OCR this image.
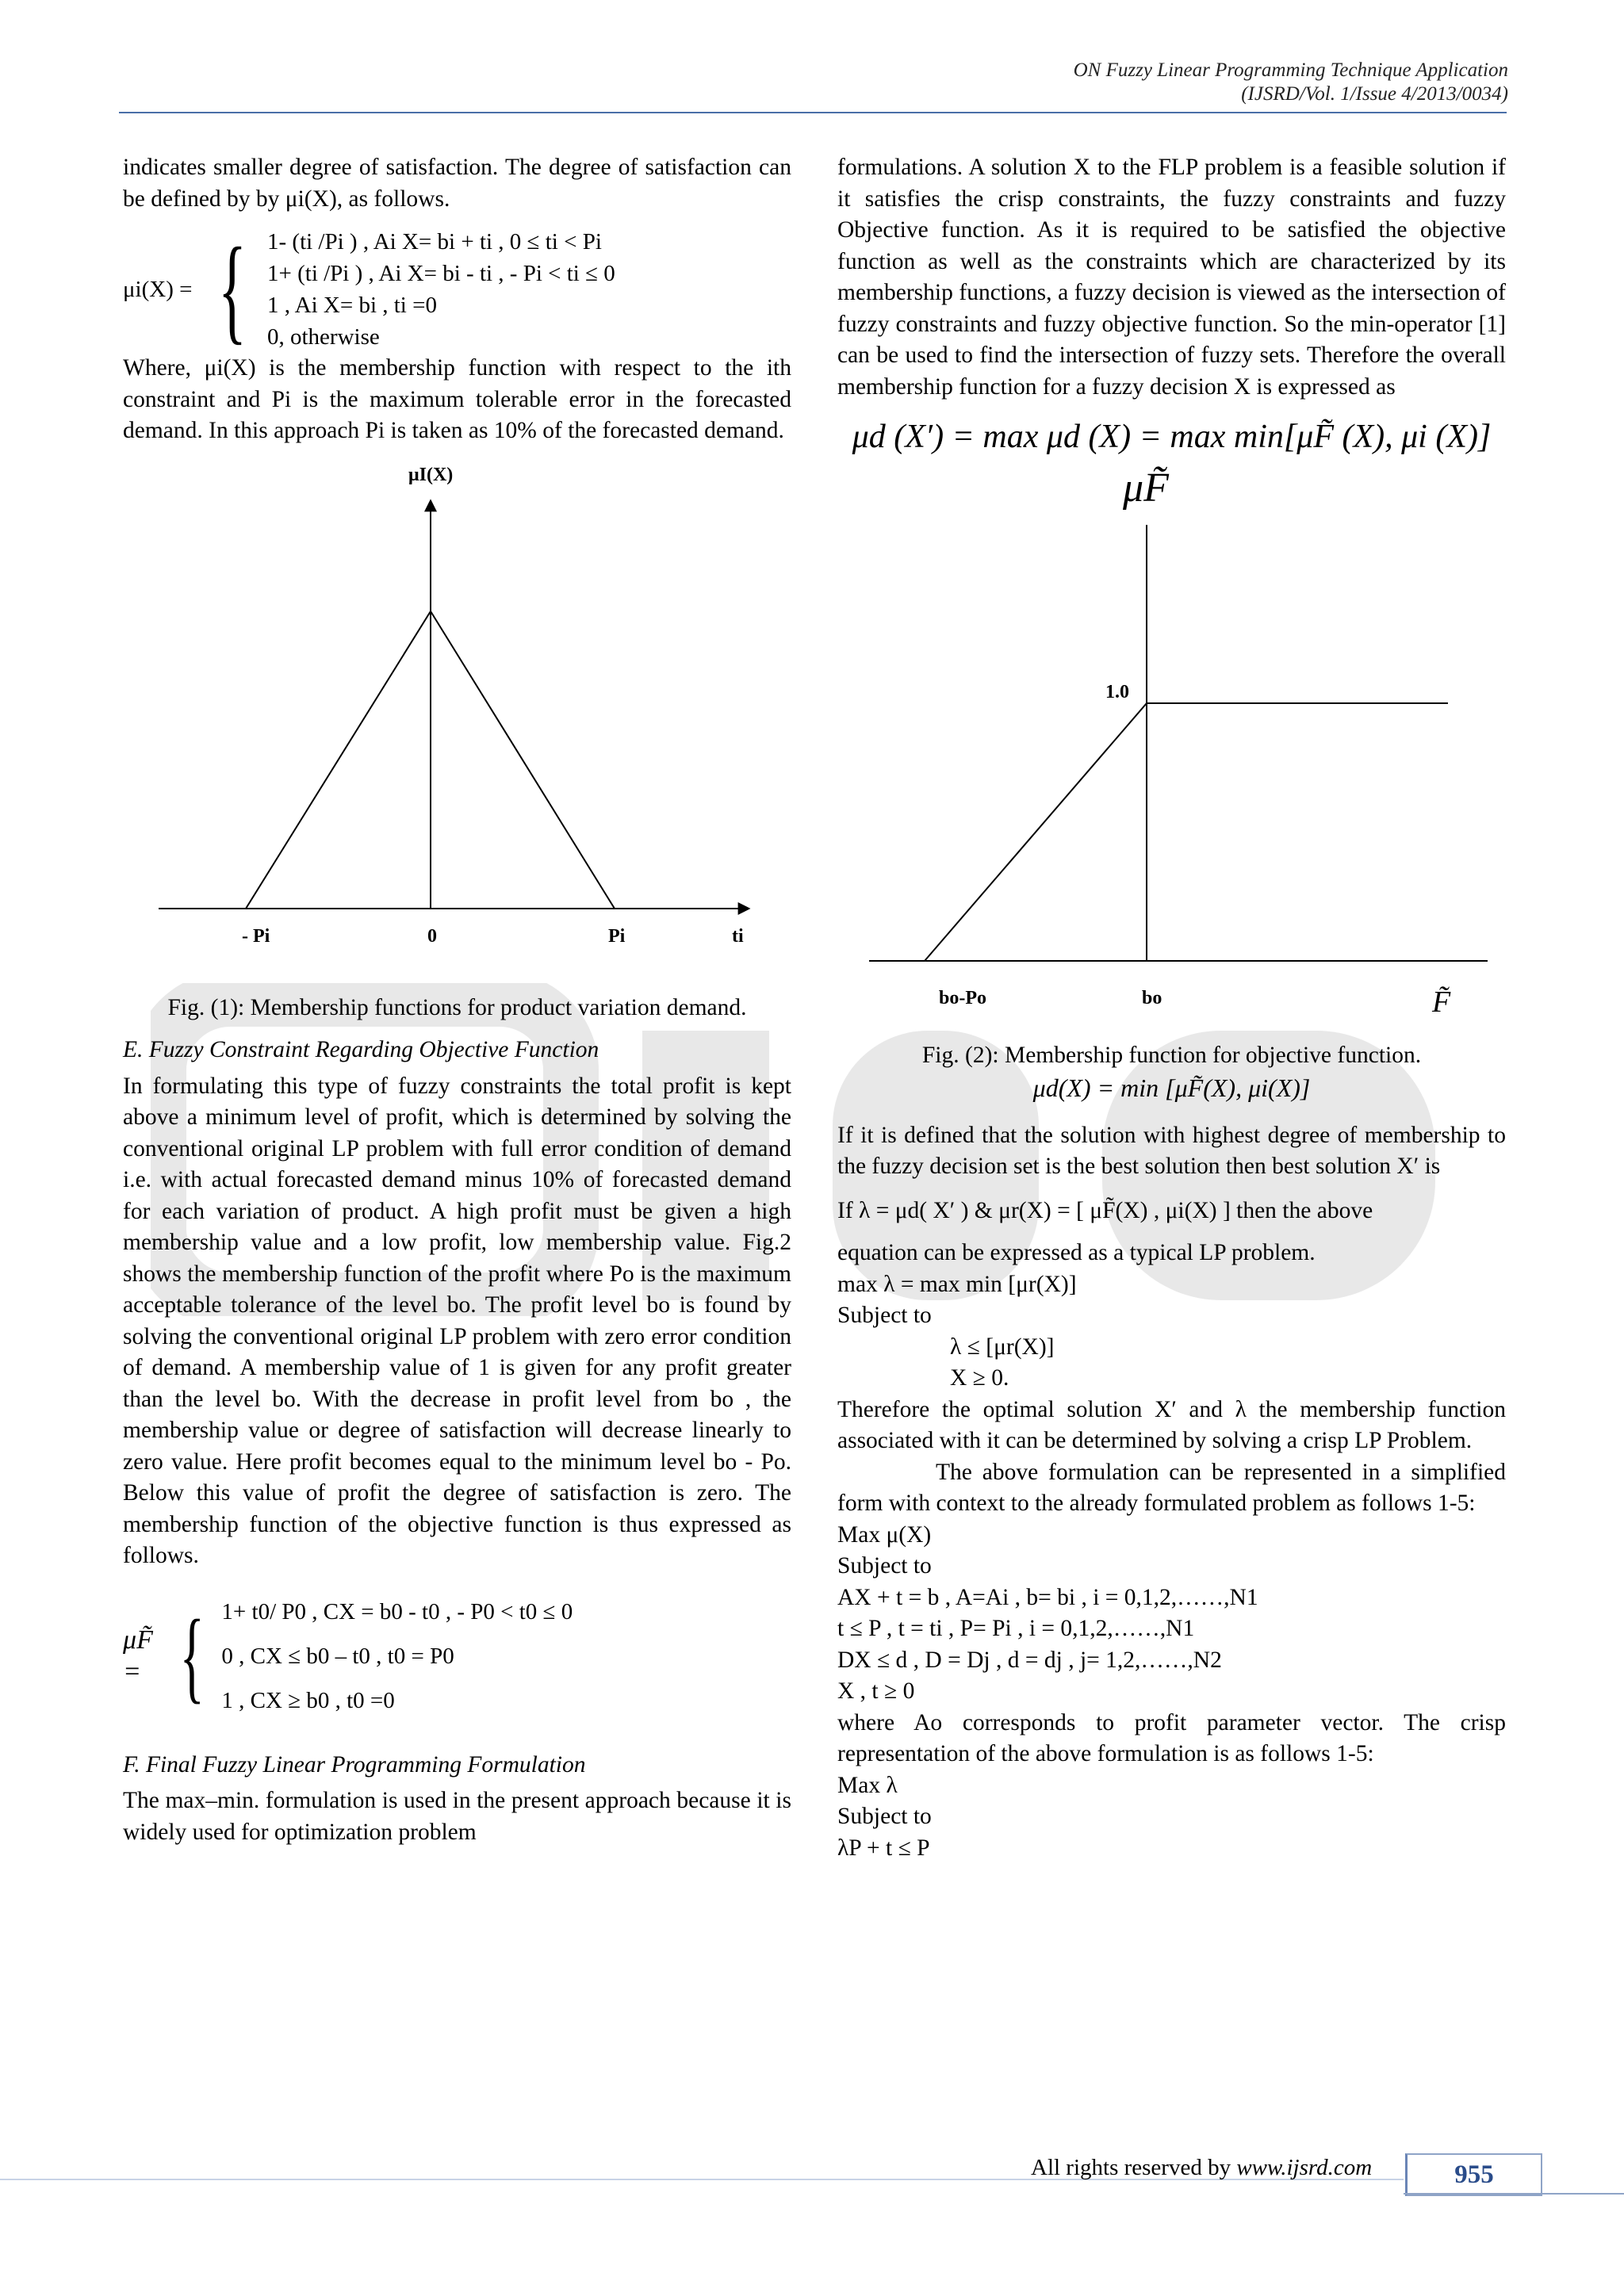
ON Fuzzy Linear Programming Technique Application
(IJSRD/Vol. 1/Issue 4/2013/0034)

indicates smaller degree of satisfaction. The degree of satisfaction can be defined by by μi(X), as follows.

μi(X) = { 1- (ti /Pi ) , Ai X= bi + ti , 0 ≤ ti < Pi
1+ (ti /Pi ) , Ai X= bi - ti , - Pi < ti ≤ 0
1 , Ai X= bi , ti =0
0, otherwise

Where, μi(X) is the membership function with respect to the ith constraint and Pi is the maximum tolerable error in the forecasted demand. In this approach Pi is taken as 10% of the forecasted demand.

μI(X)
ti
- Pi	0	Pi

Fig. (1): Membership functions for product variation demand.

E. Fuzzy Constraint Regarding Objective Function

In formulating this type of fuzzy constraints the total profit is kept above a minimum level of profit, which is determined by solving the conventional original LP problem with full error condition of demand i.e. with actual forecasted demand minus 10% of forecasted demand for each variation of product. A high profit must be given a high membership value and a low profit, low membership value. Fig.2 shows the membership function of the profit where Po is the maximum acceptable tolerance of the level bo. The profit level bo is found by solving the conventional original LP problem with zero error condition of demand. A membership value of 1 is given for any profit greater than the level bo. With the decrease in profit level from bo , the membership value or degree of satisfaction will decrease linearly to zero value. Here profit becomes equal to the minimum level bo - Po. Below this value of profit the degree of satisfaction is zero. The membership function of the objective function is thus expressed as follows.

μF̃ = { 1+ t0/ P0 , CX = b0 - t0 , - P0 < t0 ≤ 0
0 , CX ≤ b0 – t0 , t0 = P0
1 , CX ≥ b0 , t0 =0

F. Final Fuzzy Linear Programming Formulation

The max–min. formulation is used in the present approach because it is widely used for optimization problem

formulations. A solution X to the FLP problem is a feasible solution if it satisfies the crisp constraints, the fuzzy constraints and fuzzy Objective function. As it is required to be satisfied the objective function as well as the constraints which are characterized by its membership functions, a fuzzy decision is viewed as the intersection of fuzzy constraints and fuzzy objective function. So the min-operator [1] can be used to find the intersection of fuzzy sets. Therefore the overall membership function for a fuzzy decision X is expressed as

μd (X′) = max μd (X) = max min[μF̃ (X), μi (X)]

μF̃
1.0
bo-Po	bo	F̃

Fig. (2): Membership function for objective function.

μd(X) = min [μF̃(X), μi(X)]

If it is defined that the solution with highest degree of membership to the fuzzy decision set is the best solution then best solution X′ is

If λ = μd( X′ ) & μr(X) = [ μF̃(X) , μi(X) ] then the above

equation can be expressed as a typical LP problem.

max λ = max min [μr(X)]
Subject to
λ ≤ [μr(X)]
X ≥ 0.

Therefore the optimal solution X′ and λ the membership function associated with it can be determined by solving a crisp LP Problem.

The above formulation can be represented in a simplified form with context to the already formulated problem as follows 1-5:

Max μ(X)
Subject to
AX + t = b , A=Ai , b= bi , i = 0,1,2,……,N1
t ≤ P , t = ti , P= Pi , i = 0,1,2,……,N1
DX ≤ d , D = Dj , d = dj , j= 1,2,……,N2
X , t ≥ 0

where Ao corresponds to profit parameter vector. The crisp representation of the above formulation is as follows 1-5:

Max λ
Subject to
λP + t ≤ P
All rights reserved by www.ijsrd.com	955
